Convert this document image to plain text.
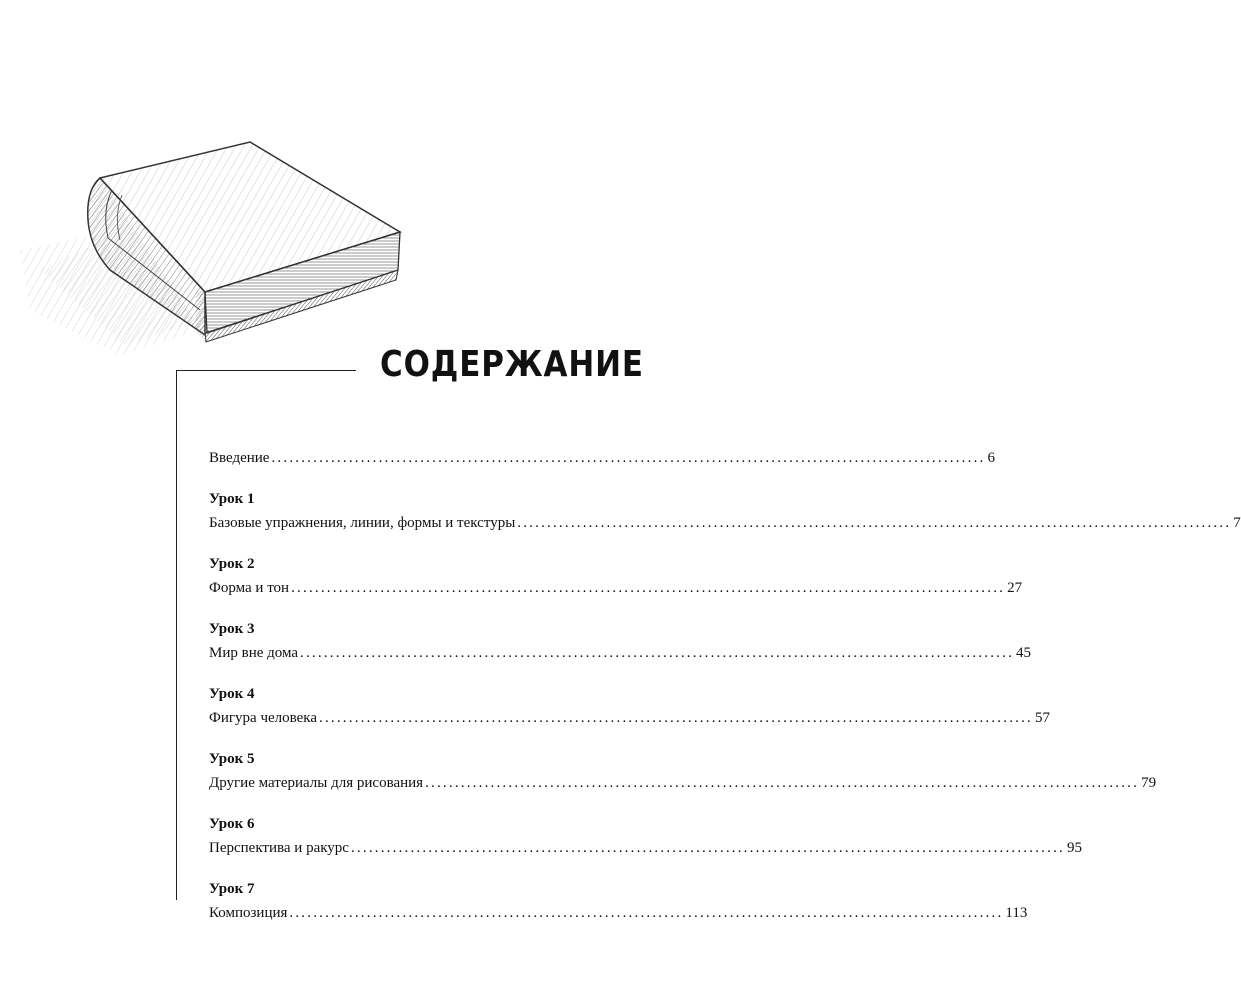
СОДЕРЖАНИЕ
Введение ........................................................................................................................ 6
Урок 1
Базовые упражнения, линии, формы и текстуры ........................................................................................................................ 7
Урок 2
Форма и тон ........................................................................................................................ 27
Урок 3
Мир вне дома ........................................................................................................................ 45
Урок 4
Фигура человека ........................................................................................................................ 57
Урок 5
Другие материалы для рисования ........................................................................................................................ 79
Урок 6
Перспектива и ракурс ........................................................................................................................ 95
Урок 7
Композиция ........................................................................................................................ 113
